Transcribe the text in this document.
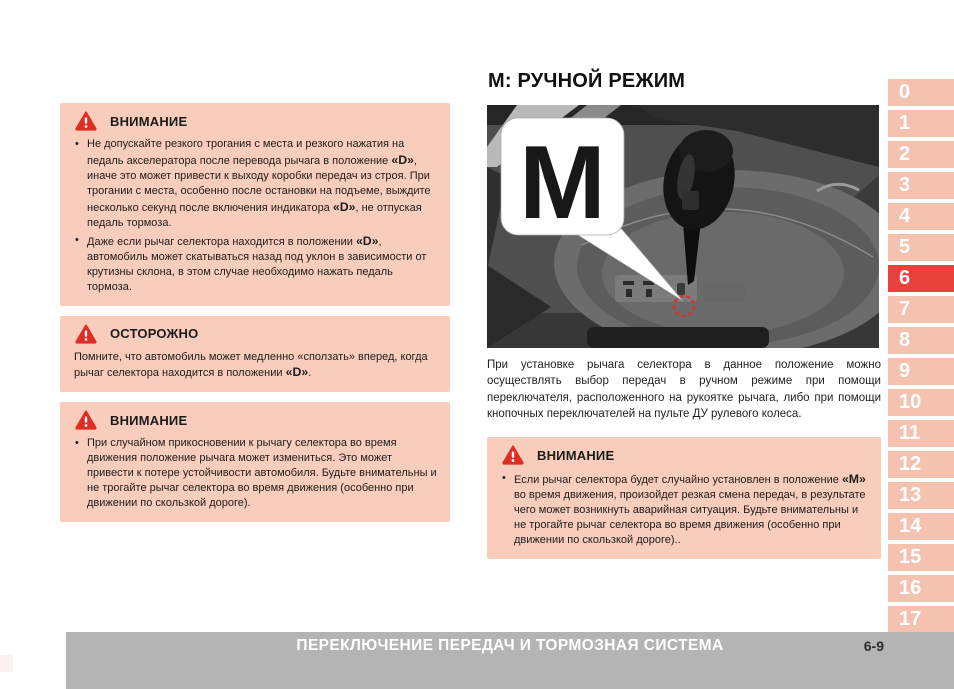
ВНИМАНИЕ
• Не допускайте резкого трогания с места и резкого нажатия на педаль акселератора после перевода рычага в положение «D», иначе это может привести к выходу коробки передач из строя. При трогании с места, особенно после остановки на подъеме, выждите несколько секунд после включения индикатора «D», не отпуская педаль тормоза.
• Даже если рычаг селектора находится в положении «D», автомобиль может скатываться назад под уклон в зависимости от крутизны склона, в этом случае необходимо нажать педаль тормоза.
ОСТОРОЖНО
Помните, что автомобиль может медленно «сползать» вперед, когда рычаг селектора находится в положении «D».
ВНИМАНИЕ
• При случайном прикосновении к рычагу селектора во время движения положение рычага может измениться. Это может привести к потере устойчивости автомобиля. Будьте внимательны и не трогайте рычаг селектора во время движения (особенно при движении по скользкой дороге).
М: РУЧНОЙ РЕЖИМ
M

При установке рычага селектора в данное положение можно осуществлять выбор передач в ручном режиме при помощи переключателя, расположенного на рукоятке рычага, либо при помощи кнопочных переключателей на пульте ДУ рулевого колеса.

ВНИМАНИЕ
• Если рычаг селектора будет случайно установлен в положение «М» во время движения, произойдет резкая смена передач, в результате чего может возникнуть аварийная ситуация. Будьте внимательны и не трогайте рычаг селектора во время движения (особенно при движении по скользкой дороге)..
0
1
2
3
4
5
6
7
8
9
10
11
12
13
14
15
16
17
ПЕРЕКЛЮЧЕНИЕ ПЕРЕДАЧ И ТОРМОЗНАЯ СИСТЕМА	6-9
